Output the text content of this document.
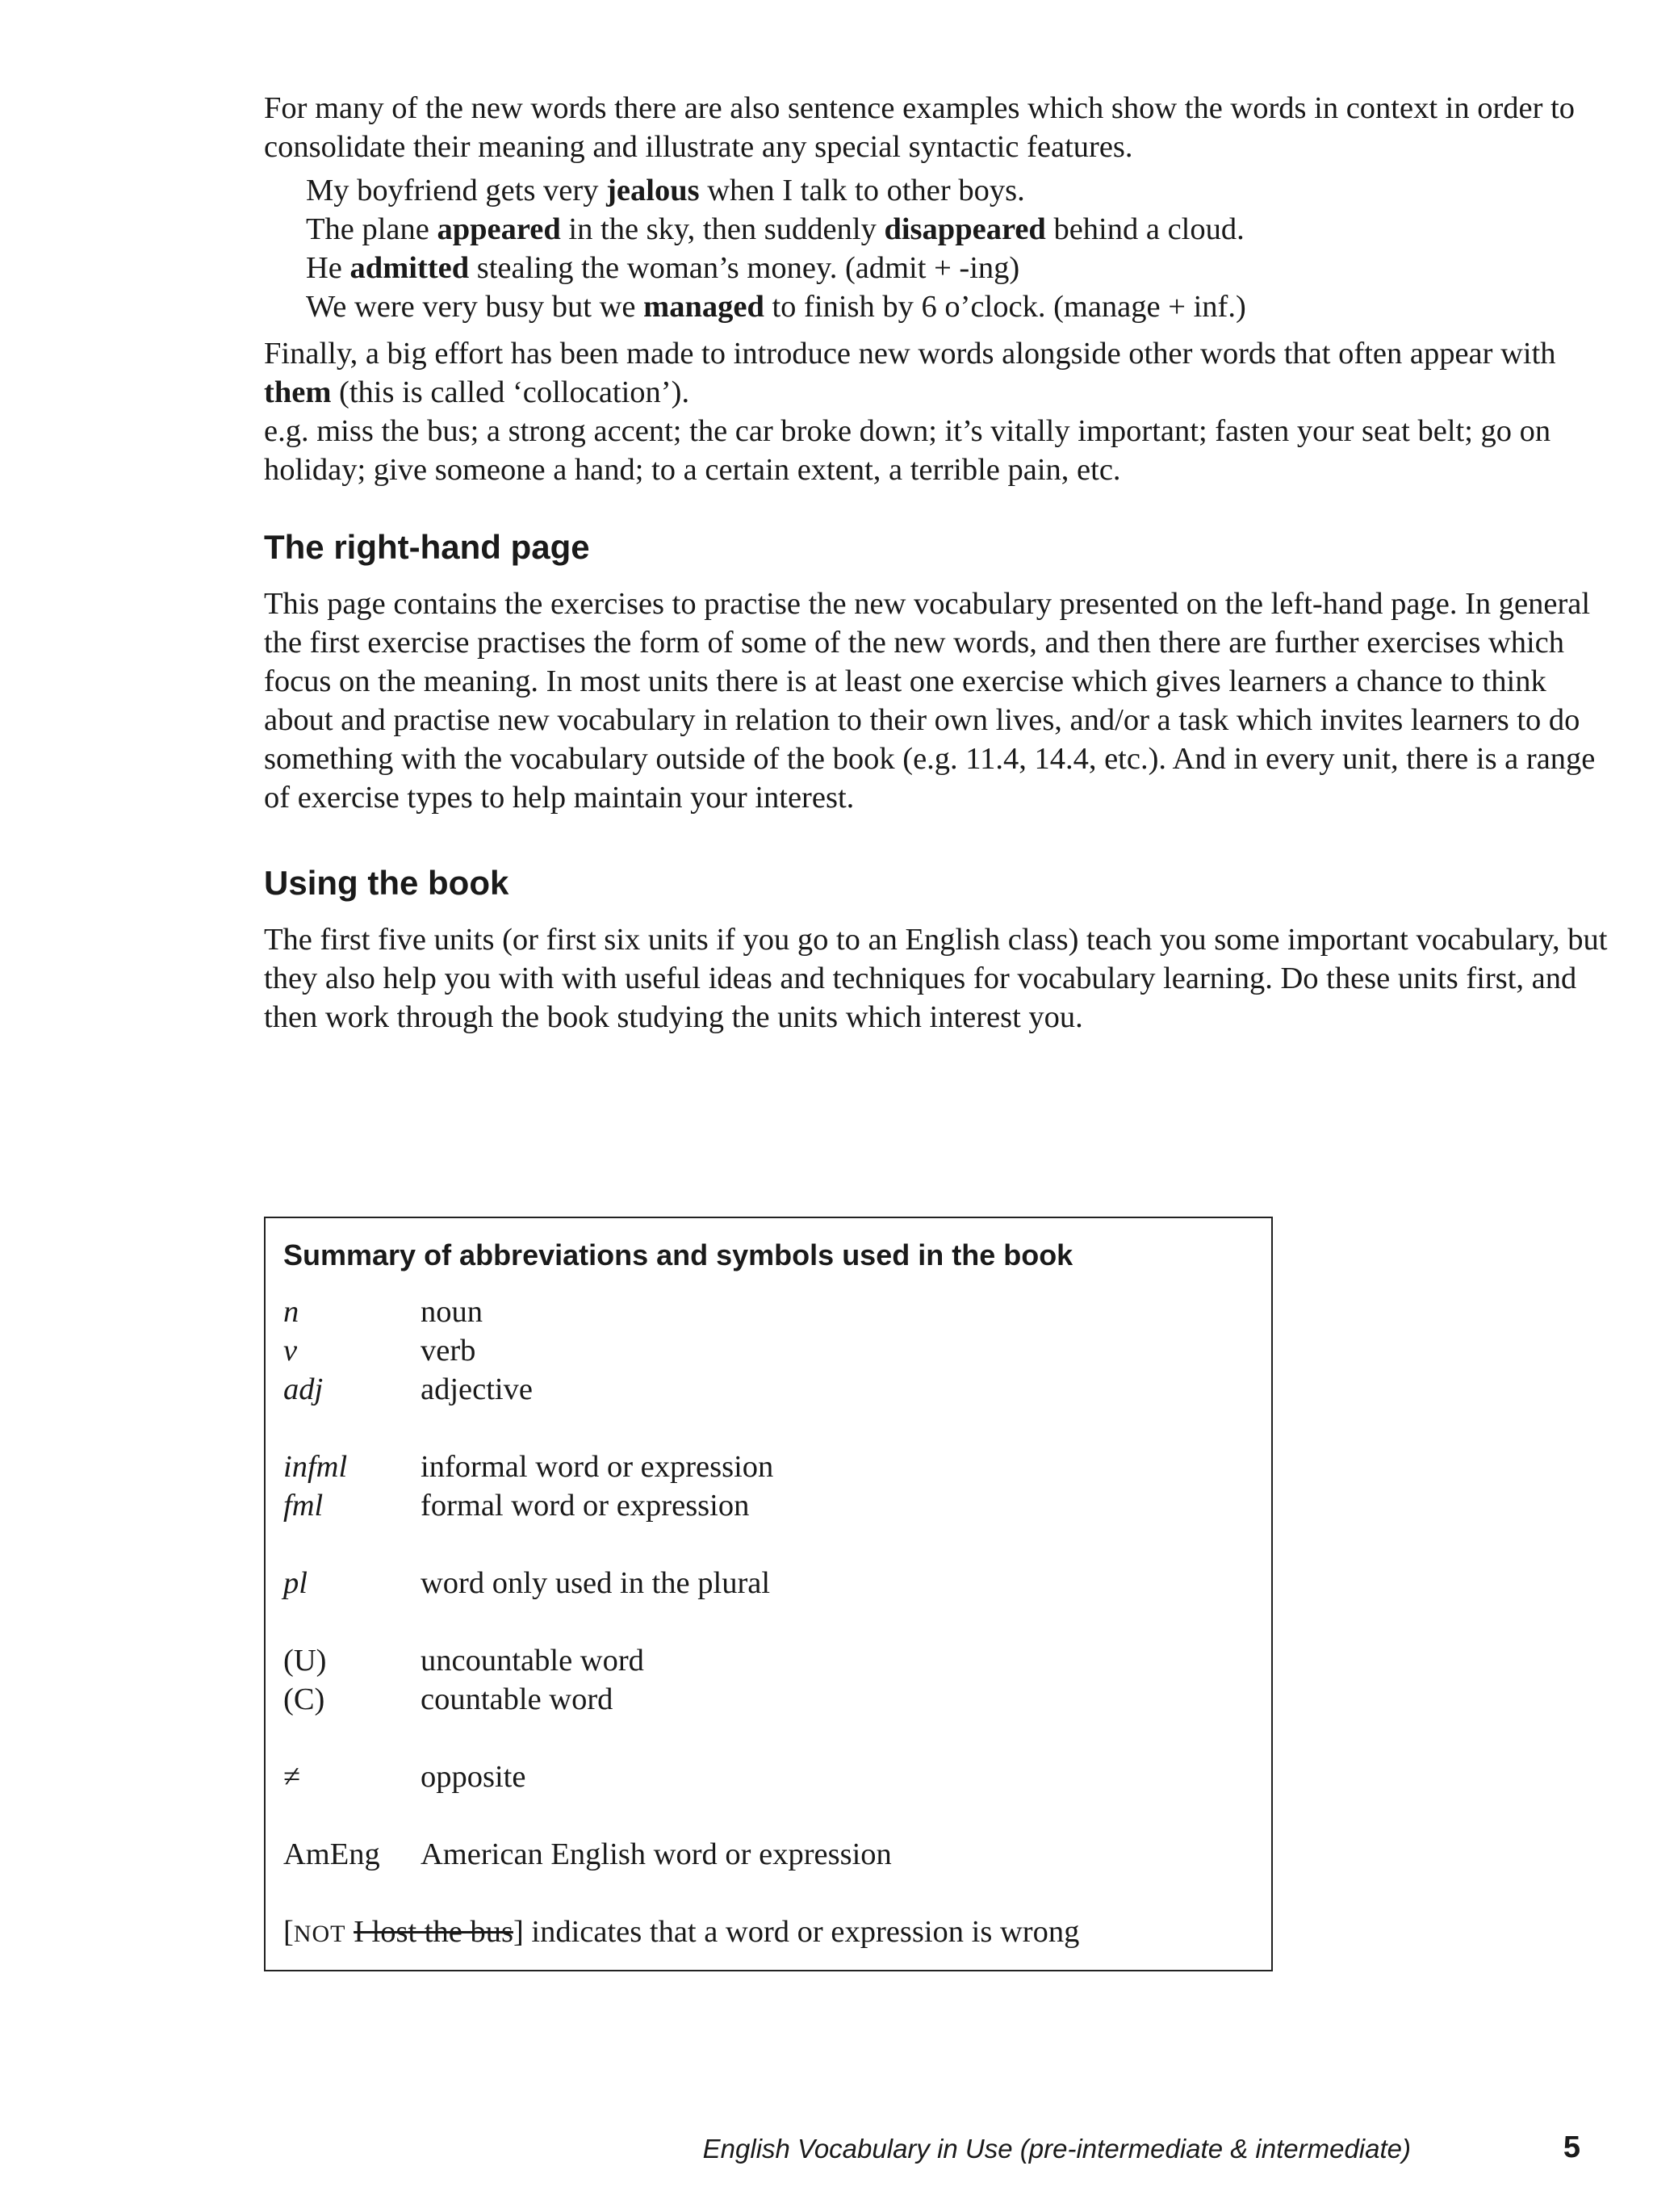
For many of the new words there are also sentence examples which show the words in context in order to consolidate their meaning and illustrate any special syntactic features.

My boyfriend gets very jealous when I talk to other boys.
The plane appeared in the sky, then suddenly disappeared behind a cloud.
He admitted stealing the woman’s money. (admit + -ing)
We were very busy but we managed to finish by 6 o’clock. (manage + inf.)

Finally, a big effort has been made to introduce new words alongside other words that often appear with them (this is called ‘collocation’).

e.g. miss the bus; a strong accent; the car broke down; it’s vitally important; fasten your seat belt; go on holiday; give someone a hand; to a certain extent, a terrible pain, etc.

The right-hand page

This page contains the exercises to practise the new vocabulary presented on the left-hand page. In general the first exercise practises the form of some of the new words, and then there are further exercises which focus on the meaning. In most units there is at least one exercise which gives learners a chance to think about and practise new vocabulary in relation to their own lives, and/or a task which invites learners to do something with the vocabulary outside of the book (e.g. 11.4, 14.4, etc.). And in every unit, there is a range of exercise types to help maintain your interest.

Using the book

The first five units (or first six units if you go to an English class) teach you some important vocabulary, but they also help you with with useful ideas and techniques for vocabulary learning. Do these units first, and then work through the book studying the units which interest you.

Summary of abbreviations and symbols used in the book
n	noun
v	verb
adj	adjective
infml	informal word or expression
fml	formal word or expression
pl	word only used in the plural
(U)	uncountable word
(C)	countable word
≠	opposite
AmEng	American English word or expression
[NOT I lost the bus] indicates that a word or expression is wrong
English Vocabulary in Use (pre-intermediate & intermediate)	5
